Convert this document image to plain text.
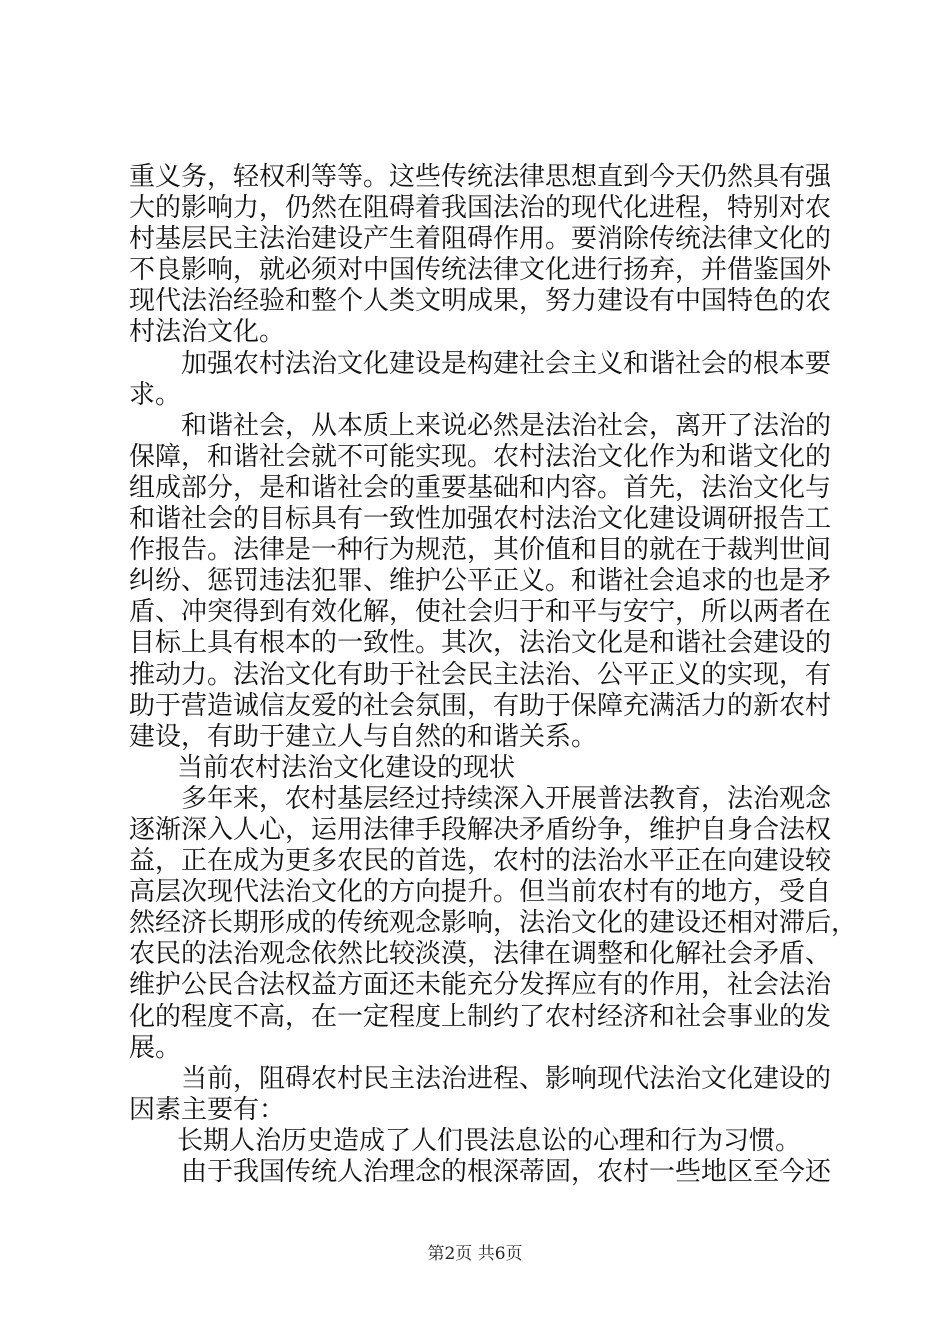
重义务，轻权利等等。这些传统法律思想直到今天仍然具有强
大的影响力，仍然在阻碍着我国法治的现代化进程，特别对农
村基层民主法治建设产生着阻碍作用。要消除传统法律文化的
不良影响，就必须对中国传统法律文化进行扬弃，并借鉴国外
现代法治经验和整个人类文明成果，努力建设有中国特色的农
村法治文化。
加强农村法治文化建设是构建社会主义和谐社会的根本要
求。
和谐社会，从本质上来说必然是法治社会，离开了法治的
保障，和谐社会就不可能实现。农村法治文化作为和谐文化的
组成部分，是和谐社会的重要基础和内容。首先，法治文化与
和谐社会的目标具有一致性加强农村法治文化建设调研报告工
作报告。法律是一种行为规范，其价值和目的就在于裁判世间
纠纷、惩罚违法犯罪、维护公平正义。和谐社会追求的也是矛
盾、冲突得到有效化解，使社会归于和平与安宁，所以两者在
目标上具有根本的一致性。其次，法治文化是和谐社会建设的
推动力。法治文化有助于社会民主法治、公平正义的实现，有
助于营造诚信友爱的社会氛围，有助于保障充满活力的新农村
建设，有助于建立人与自然的和谐关系。
当前农村法治文化建设的现状
多年来，农村基层经过持续深入开展普法教育，法治观念
逐渐深入人心，运用法律手段解决矛盾纷争，维护自身合法权
益，正在成为更多农民的首选，农村的法治水平正在向建设较
高层次现代法治文化的方向提升。但当前农村有的地方，受自
然经济长期形成的传统观念影响，法治文化的建设还相对滞后，
农民的法治观念依然比较淡漠，法律在调整和化解社会矛盾、
维护公民合法权益方面还未能充分发挥应有的作用，社会法治
化的程度不高，在一定程度上制约了农村经济和社会事业的发
展。
当前，阻碍农村民主法治进程、影响现代法治文化建设的
因素主要有：
长期人治历史造成了人们畏法息讼的心理和行为习惯。
由于我国传统人治理念的根深蒂固，农村一些地区至今还
第2页 共6页
